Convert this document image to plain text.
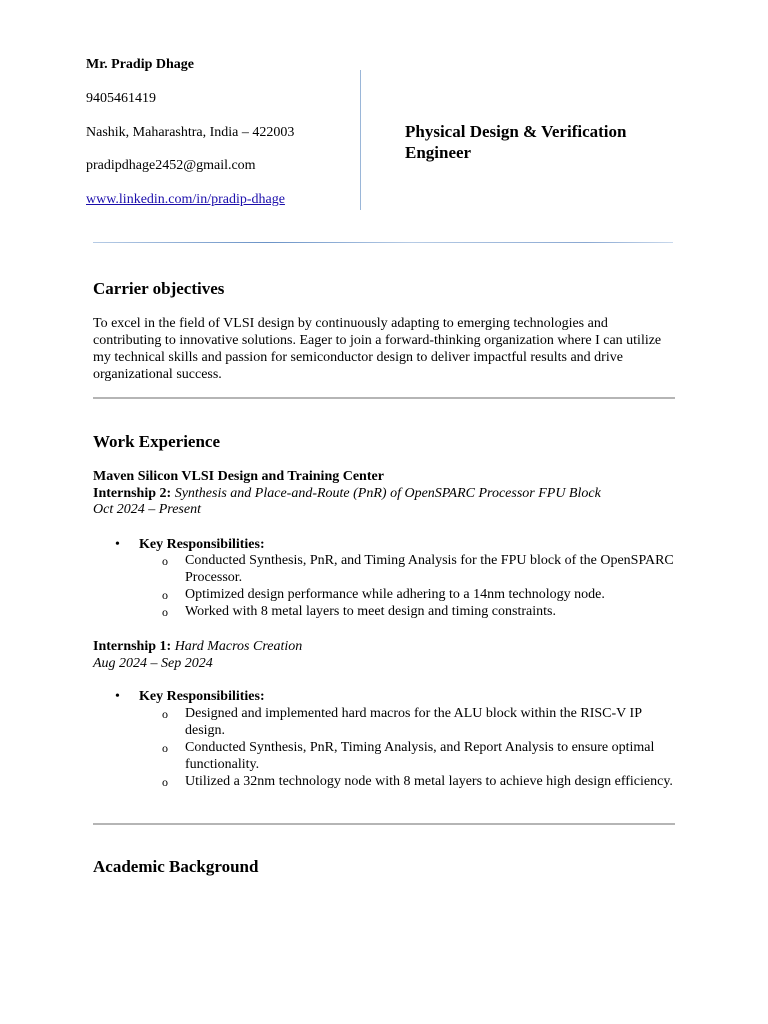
Mr. Pradip Dhage
9405461419
Nashik, Maharashtra, India – 422003
pradipdhage2452@gmail.com
www.linkedin.com/in/pradip-dhage
Physical Design & Verification
Engineer
Carrier objectives
To excel in the field of VLSI design by continuously adapting to emerging technologies and contributing to innovative solutions. Eager to join a forward-thinking organization where I can utilize my technical skills and passion for semiconductor design to deliver impactful results and drive organizational success.
Work Experience
Maven Silicon VLSI Design and Training Center
Internship 2: Synthesis and Place-and-Route (PnR) of OpenSPARC Processor FPU Block
Oct 2024 – Present
• Key Responsibilities:
o Conducted Synthesis, PnR, and Timing Analysis for the FPU block of the OpenSPARC Processor.
o Optimized design performance while adhering to a 14nm technology node.
o Worked with 8 metal layers to meet design and timing constraints.
Internship 1: Hard Macros Creation
Aug 2024 – Sep 2024
• Key Responsibilities:
o Designed and implemented hard macros for the ALU block within the RISC-V IP design.
o Conducted Synthesis, PnR, Timing Analysis, and Report Analysis to ensure optimal functionality.
o Utilized a 32nm technology node with 8 metal layers to achieve high design efficiency.
Academic Background
